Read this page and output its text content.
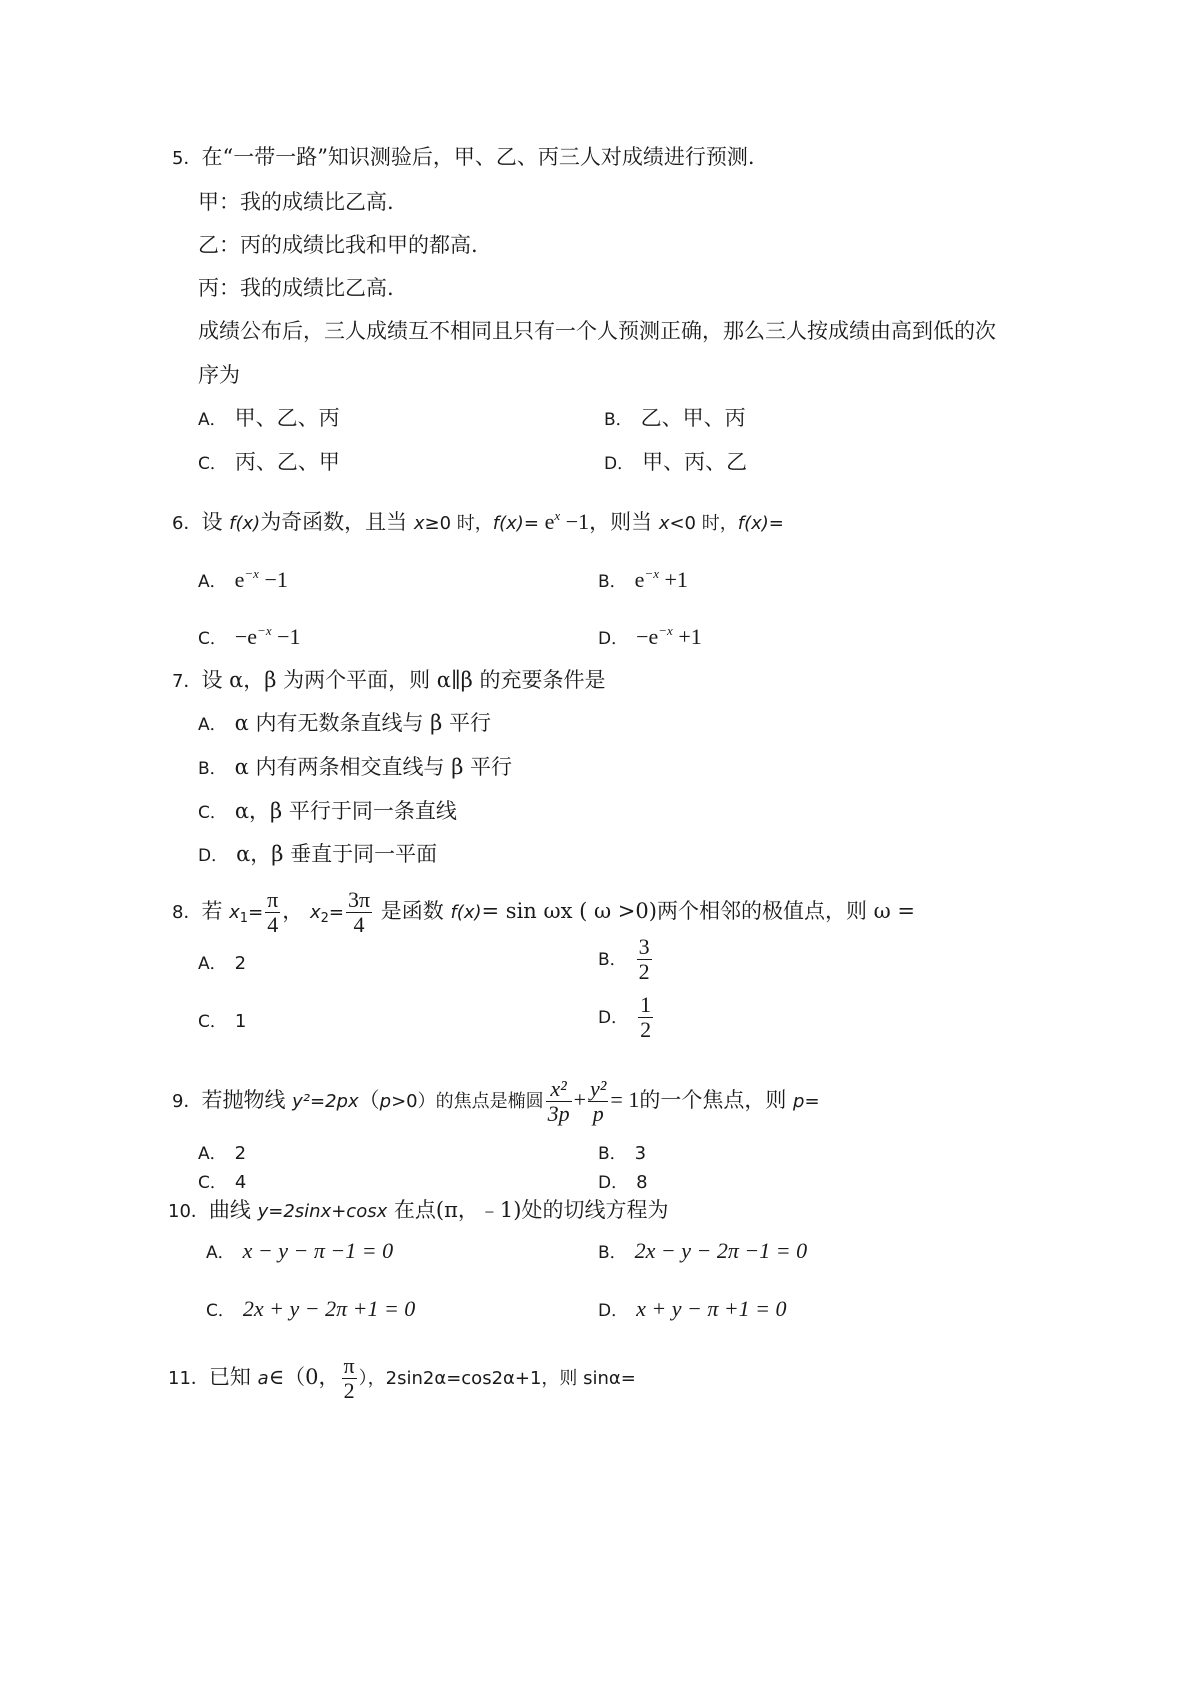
5．在“一带一路”知识测验后，甲、乙、丙三人对成绩进行预测.
甲：我的成绩比乙高.
乙：丙的成绩比我和甲的都高.
丙：我的成绩比乙高.
成绩公布后，三人成绩互不相同且只有一个人预测正确，那么三人按成绩由高到低的次
序为
A． 甲、乙、丙	B． 乙、甲、丙
C． 丙、乙、甲	D． 甲、丙、乙
6．设 f(x)为奇函数，且当 x≥0 时，$f(x)= e^x -1$，则当 x<0 时，f(x)=
A． $e^{-x} -1$	B． $e^{-x} +1$
C． $-e^{-x} -1$	D． $-e^{-x} +1$
7．设 α，β 为两个平面，则 α∥β 的充要条件是
A． α 内有无数条直线与 β 平行
B． α 内有两条相交直线与 β 平行
C． α，β 平行于同一条直线
D． α，β 垂直于同一平面
8．若 $x_1= \frac{\pi}{4}$ ， $x_2= \frac{3\pi}{4}$ 是函数 f(x)= sin ωx ( ω >0)两个相邻的极值点，则 ω =
A． 2	B． $\frac{3}{2}$
C． 1	D． $\frac{1}{2}$
9．若抛物线 y²=2px（p>0）的焦点是椭圆 $\frac{\text{x²}}{3p} + \frac{\text{y²}}{p} = 1$的一个焦点，则 p=
A． 2	B． 3
C． 4	D． 8
10．曲线 y=2sinx+cosx 在点(π，﹣1)处的切线方程为
A． x − y − π −1 = 0	B． 2x − y − 2π −1 = 0
C． 2x + y − 2π +1 = 0	D． x + y − π +1 = 0
11．已知 a∈（0， $\frac{\pi}{2}$ ），2sin2α=cos2α+1，则 sinα=
